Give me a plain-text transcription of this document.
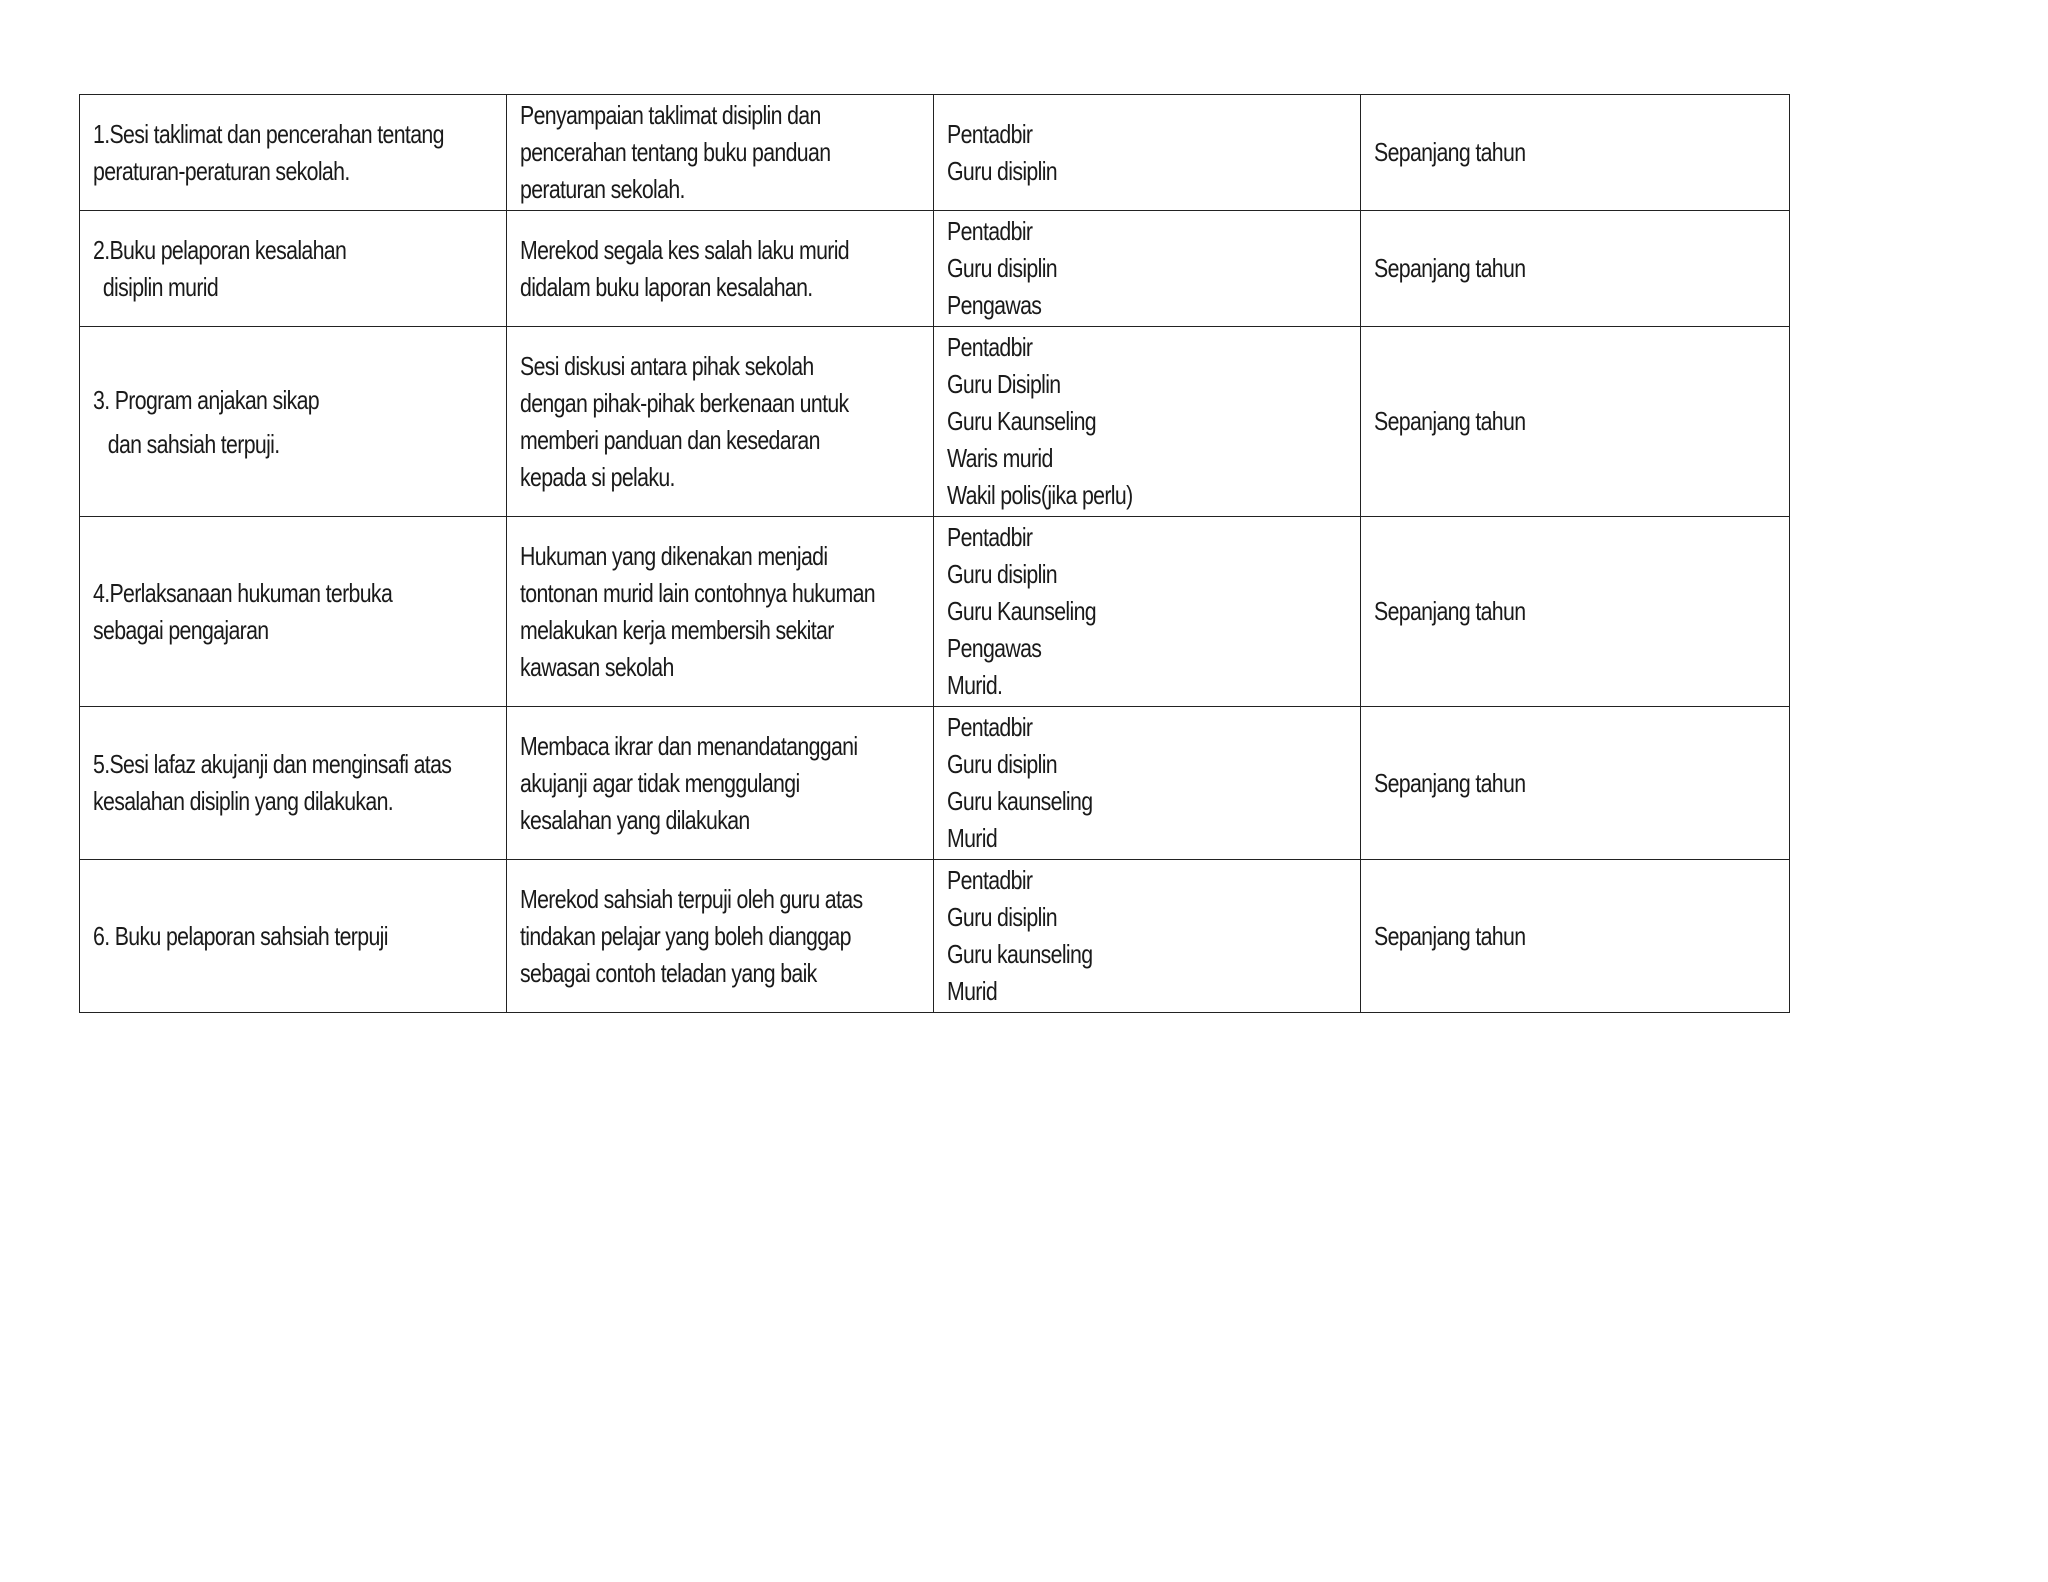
1.Sesi taklimat dan pencerahan tentang
peraturan-peraturan sekolah.	Penyampaian taklimat disiplin dan
pencerahan tentang buku panduan
peraturan sekolah.	Pentadbir
Guru disiplin	Sepanjang tahun

2.Buku pelaporan kesalahan
disiplin murid	Merekod segala kes salah laku murid
didalam buku laporan kesalahan.	Pentadbir
Guru disiplin
Pengawas	Sepanjang tahun

3. Program anjakan sikap
dan sahsiah terpuji.	Sesi diskusi antara pihak sekolah
dengan pihak-pihak berkenaan untuk
memberi panduan dan kesedaran
kepada si pelaku.	Pentadbir
Guru Disiplin
Guru Kaunseling
Waris murid
Wakil polis(jika perlu)	Sepanjang tahun

4.Perlaksanaan hukuman terbuka
sebagai pengajaran	Hukuman yang dikenakan menjadi
tontonan murid lain contohnya hukuman
melakukan kerja membersih sekitar
kawasan sekolah	Pentadbir
Guru disiplin
Guru Kaunseling
Pengawas
Murid.	Sepanjang tahun

5.Sesi lafaz akujanji dan menginsafi atas
kesalahan disiplin yang dilakukan.	Membaca ikrar dan menandatanggani
akujanji agar tidak menggulangi
kesalahan yang dilakukan	Pentadbir
Guru disiplin
Guru kaunseling
Murid	Sepanjang tahun

6. Buku pelaporan sahsiah terpuji	Merekod sahsiah terpuji oleh guru atas
tindakan pelajar yang boleh dianggap
sebagai contoh teladan yang baik	Pentadbir
Guru disiplin
Guru kaunseling
Murid	Sepanjang tahun
